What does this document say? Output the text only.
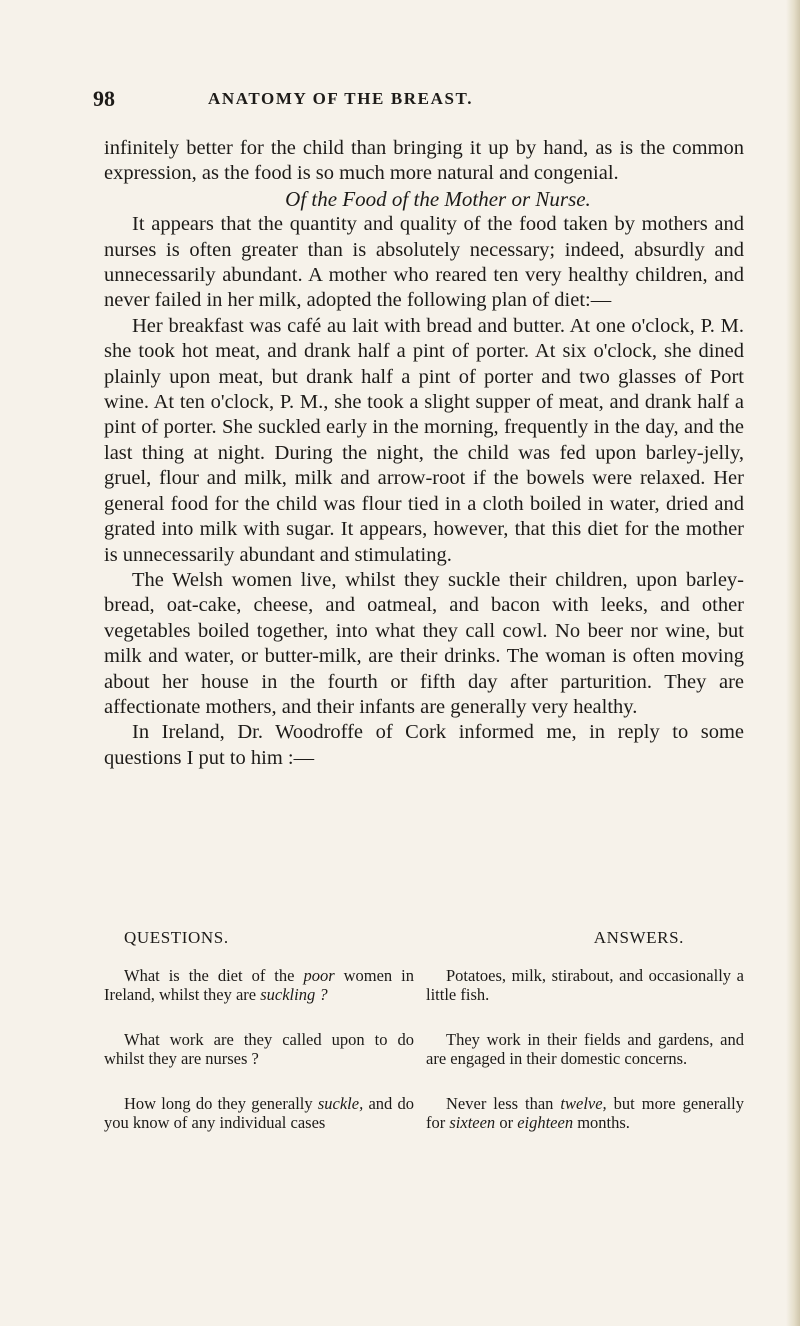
98	ANATOMY OF THE BREAST.

infinitely better for the child than bringing it up by hand, as is the common expression, as the food is so much more natural and congenial.

Of the Food of the Mother or Nurse.

It appears that the quantity and quality of the food taken by mothers and nurses is often greater than is absolutely necessary; indeed, absurdly and unnecessarily abundant. A mother who reared ten very healthy children, and never failed in her milk, adopted the following plan of diet:—

Her breakfast was café au lait with bread and butter. At one o'clock, P. M. she took hot meat, and drank half a pint of porter. At six o'clock, she dined plainly upon meat, but drank half a pint of porter and two glasses of Port wine. At ten o'clock, P. M., she took a slight supper of meat, and drank half a pint of porter. She suckled early in the morning, frequently in the day, and the last thing at night. During the night, the child was fed upon barley-jelly, gruel, flour and milk, milk and arrow-root if the bowels were relaxed. Her general food for the child was flour tied in a cloth boiled in water, dried and grated into milk with sugar. It appears, however, that this diet for the mother is unnecessarily abundant and stimulating.

The Welsh women live, whilst they suckle their children, upon barley-bread, oat-cake, cheese, and oatmeal, and bacon with leeks, and other vegetables boiled together, into what they call cowl. No beer nor wine, but milk and water, or butter-milk, are their drinks. The woman is often moving about her house in the fourth or fifth day after parturition. They are affectionate mothers, and their infants are generally very healthy.

In Ireland, Dr. Woodroffe of Cork informed me, in reply to some questions I put to him :—

QUESTIONS.	ANSWERS.
What is the diet of the poor women in Ireland, whilst they are suckling ?
Potatoes, milk, stirabout, and occasionally a little fish.
What work are they called upon to do whilst they are nurses ?
They work in their fields and gardens, and are engaged in their domestic concerns.
How long do they generally suckle, and do you know of any individual cases
Never less than twelve, but more generally for sixteen or eighteen months.
